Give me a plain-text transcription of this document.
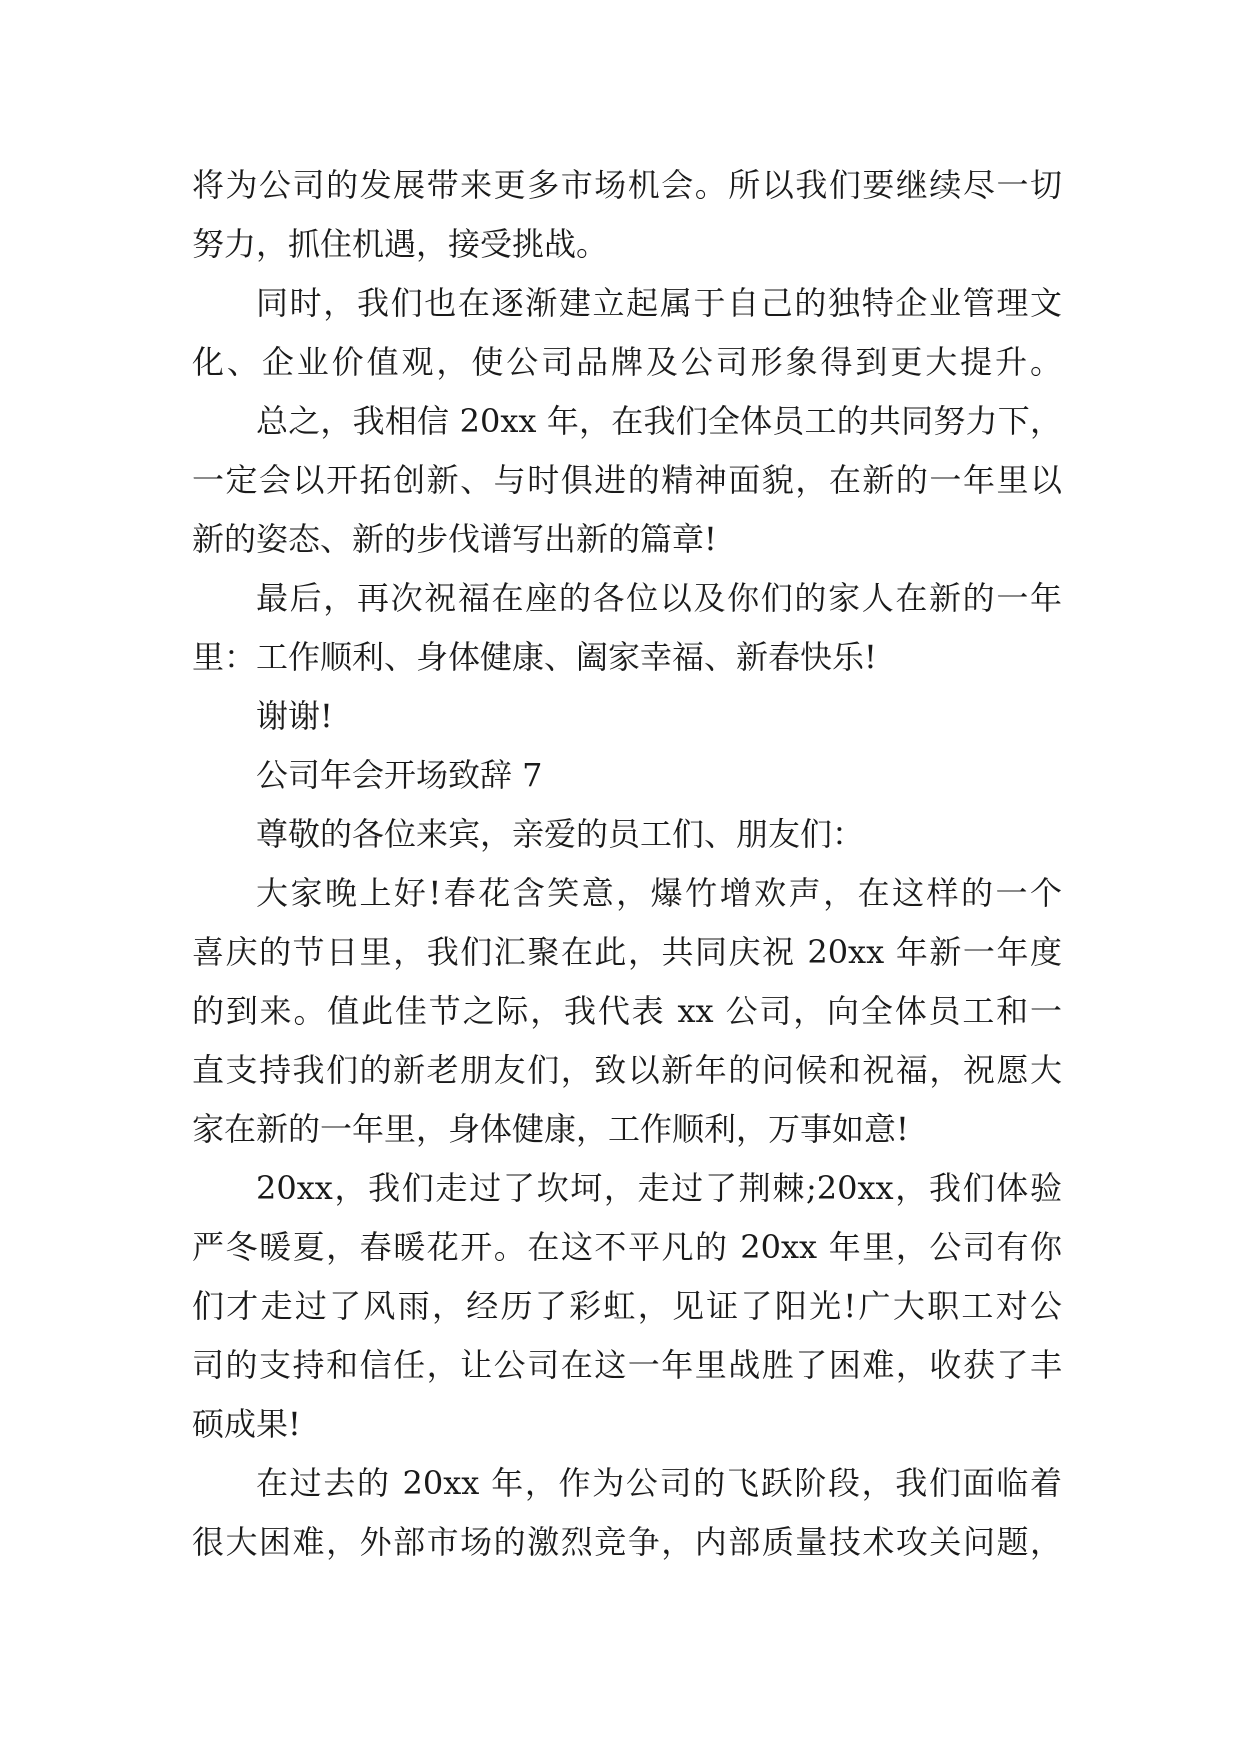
将为公司的发展带来更多市场机会。所以我们要继续尽一切
努力，抓住机遇，接受挑战。
同时，我们也在逐渐建立起属于自己的独特企业管理文
化、企业价值观，使公司品牌及公司形象得到更大提升。
总之，我相信 20xx 年，在我们全体员工的共同努力下，
一定会以开拓创新、与时俱进的精神面貌，在新的一年里以
新的姿态、新的步伐谱写出新的篇章!
最后，再次祝福在座的各位以及你们的家人在新的一年
里：工作顺利、身体健康、阖家幸福、新春快乐!
谢谢!
公司年会开场致辞 7
尊敬的各位来宾，亲爱的员工们、朋友们：
大家晚上好!春花含笑意，爆竹增欢声，在这样的一个
喜庆的节日里，我们汇聚在此，共同庆祝 20xx 年新一年度
的到来。值此佳节之际，我代表 xx 公司，向全体员工和一
直支持我们的新老朋友们，致以新年的问候和祝福，祝愿大
家在新的一年里，身体健康，工作顺利，万事如意!
20xx，我们走过了坎坷，走过了荆棘;20xx，我们体验
严冬暖夏，春暖花开。在这不平凡的 20xx 年里，公司有你
们才走过了风雨，经历了彩虹，见证了阳光!广大职工对公
司的支持和信任，让公司在这一年里战胜了困难，收获了丰
硕成果!
在过去的 20xx 年，作为公司的飞跃阶段，我们面临着
很大困难，外部市场的激烈竞争，内部质量技术攻关问题，
